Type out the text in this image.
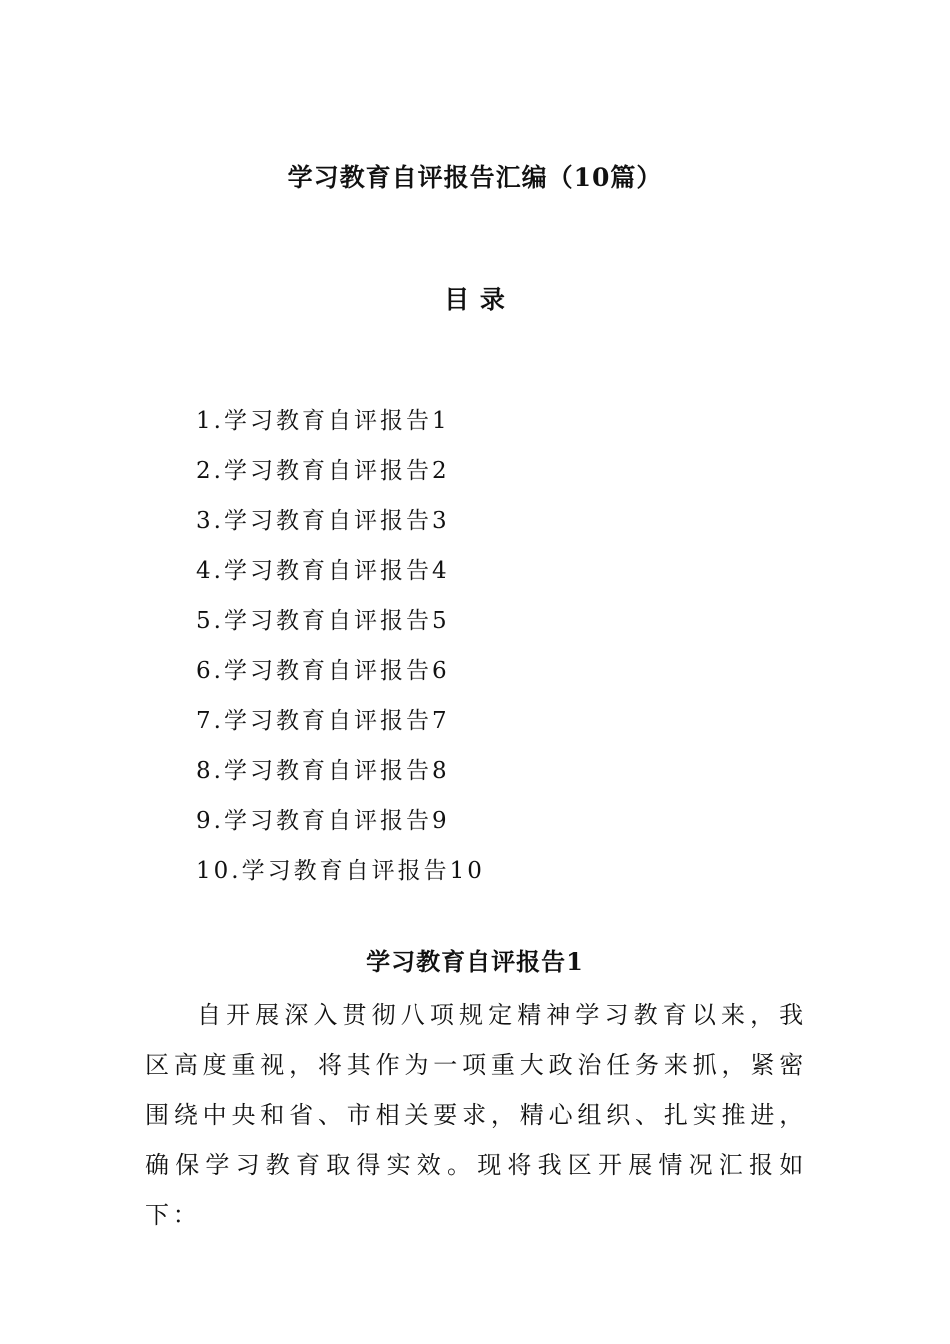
学习教育自评报告汇编（10篇）
目 录
1.学习教育自评报告1
2.学习教育自评报告2
3.学习教育自评报告3
4.学习教育自评报告4
5.学习教育自评报告5
6.学习教育自评报告6
7.学习教育自评报告7
8.学习教育自评报告8
9.学习教育自评报告9
10.学习教育自评报告10
学习教育自评报告1

自开展深入贯彻八项规定精神学习教育以来，我区高度重视，将其作为一项重大政治任务来抓，紧密围绕中央和省、市相关要求，精心组织、扎实推进，确保学习教育取得实效。现将我区开展情况汇报如下：
